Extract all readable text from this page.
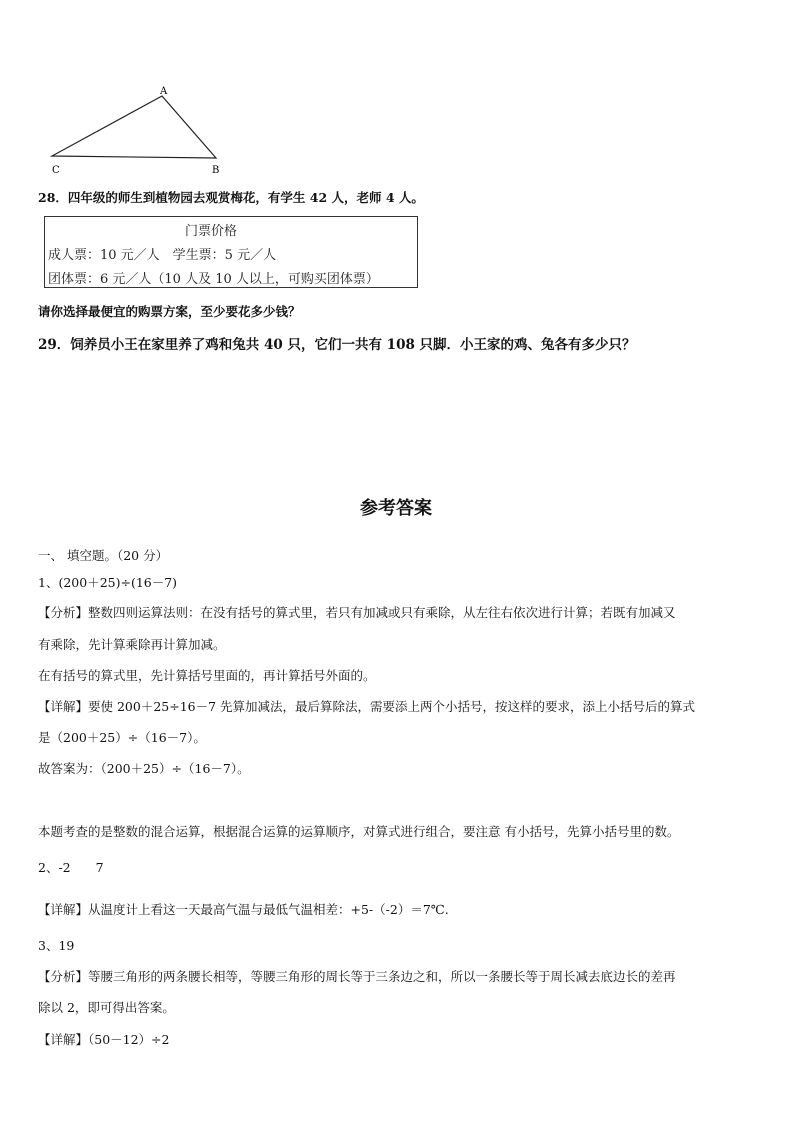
A
C	B
28．四年级的师生到植物园去观赏梅花，有学生 42 人，老师 4 人。
门票价格
成人票：10 元／人　学生票：5 元／人
团体票：6 元／人（10 人及 10 人以上，可购买团体票）
请你选择最便宜的购票方案，至少要花多少钱？
29．饲养员小王在家里养了鸡和兔共 40 只，它们一共有 108 只脚．小王家的鸡、兔各有多少只？
参考答案
一、 填空题。（20 分）
1、(200＋25)÷(16－7)
【分析】整数四则运算法则：在没有括号的算式里，若只有加减或只有乘除，从左往右依次进行计算；若既有加减又
有乘除，先计算乘除再计算加减。
在有括号的算式里，先计算括号里面的，再计算括号外面的。
【详解】要使 200＋25÷16－7 先算加减法，最后算除法，需要添上两个小括号，按这样的要求，添上小括号后的算式
是（200＋25）÷（16－7）。
故答案为：（200＋25）÷（16－7）。
本题考查的是整数的混合运算，根据混合运算的运算顺序，对算式进行组合，要注意 有小括号，先算小括号里的数。
2、-2　　7
【详解】从温度计上看这一天最高气温与最低气温相差：+5-（-2）＝7℃.
3、19
【分析】等腰三角形的两条腰长相等，等腰三角形的周长等于三条边之和，所以一条腰长等于周长减去底边长的差再
除以 2，即可得出答案。
【详解】（50－12）÷2
